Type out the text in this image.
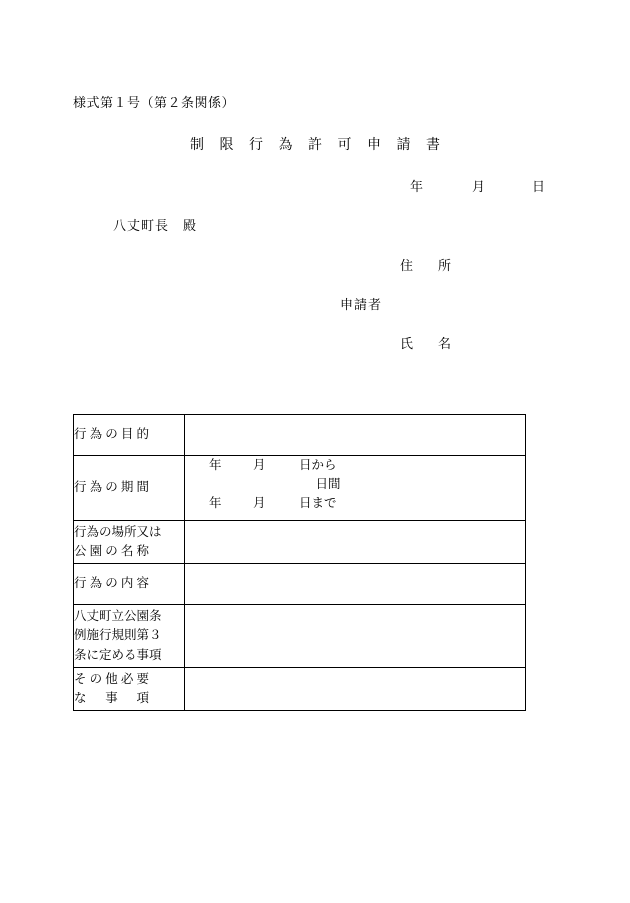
様式第１号（第２条関係）
制 限 行 為 許 可 申 請 書
年	月	日
八丈町長　殿
住　所
申請者
氏　名
行 為 の 目 的	

行 為 の 期 間	年 月 日から
日間
年 月 日まで

行為の場所又は
公 園 の 名 称	

行 為 の 内 容	

八丈町立公園条
例施行規則第３
条に定める事項	

そ の 他 必 要
な 　 事 　 項	
